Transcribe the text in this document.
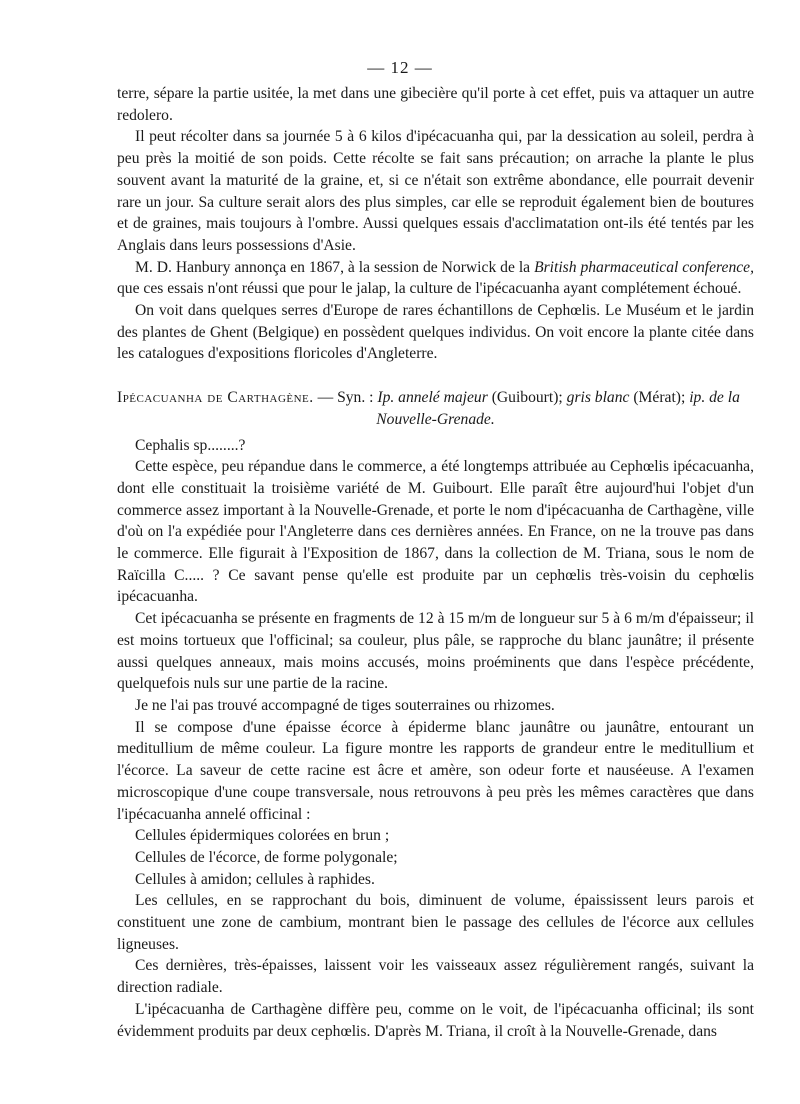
— 12 —

terre, sépare la partie usitée, la met dans une gibecière qu'il porte à cet effet, puis va attaquer un autre redolero.

Il peut récolter dans sa journée 5 à 6 kilos d'ipécacuanha qui, par la dessication au soleil, perdra à peu près la moitié de son poids. Cette récolte se fait sans précaution; on arrache la plante le plus souvent avant la maturité de la graine, et, si ce n'était son extrême abondance, elle pourrait devenir rare un jour. Sa culture serait alors des plus simples, car elle se reproduit également bien de boutures et de graines, mais toujours à l'ombre. Aussi quelques essais d'acclimatation ont-ils été tentés par les Anglais dans leurs possessions d'Asie.

M. D. Hanbury annonça en 1867, à la session de Norwick de la British pharmaceutical conference, que ces essais n'ont réussi que pour le jalap, la culture de l'ipécacuanha ayant complétement échoué.

On voit dans quelques serres d'Europe de rares échantillons de Cephœlis. Le Muséum et le jardin des plantes de Ghent (Belgique) en possèdent quelques individus. On voit encore la plante citée dans les catalogues d'expositions floricoles d'Angleterre.

Ipécacuanha de Carthagène. — Syn. : Ip. annelé majeur (Guibourt); gris blanc (Mérat); ip. de la
Nouvelle-Grenade.

Cephalis sp........?

Cette espèce, peu répandue dans le commerce, a été longtemps attribuée au Cephœlis ipécacuanha, dont elle constituait la troisième variété de M. Guibourt. Elle paraît être aujourd'hui l'objet d'un commerce assez important à la Nouvelle-Grenade, et porte le nom d'ipécacuanha de Carthagène, ville d'où on l'a expédiée pour l'Angleterre dans ces dernières années. En France, on ne la trouve pas dans le commerce. Elle figurait à l'Exposition de 1867, dans la collection de M. Triana, sous le nom de Raïcilla C..... ? Ce savant pense qu'elle est produite par un cephœlis très-voisin du cephœlis ipécacuanha.

Cet ipécacuanha se présente en fragments de 12 à 15 m/m de longueur sur 5 à 6 m/m d'épaisseur; il est moins tortueux que l'officinal; sa couleur, plus pâle, se rapproche du blanc jaunâtre; il présente aussi quelques anneaux, mais moins accusés, moins proéminents que dans l'espèce précédente, quelquefois nuls sur une partie de la racine.

Je ne l'ai pas trouvé accompagné de tiges souterraines ou rhizomes.

Il se compose d'une épaisse écorce à épiderme blanc jaunâtre ou jaunâtre, entourant un meditullium de même couleur. La figure montre les rapports de grandeur entre le meditullium et l'écorce. La saveur de cette racine est âcre et amère, son odeur forte et nauséeuse. A l'examen microscopique d'une coupe transversale, nous retrouvons à peu près les mêmes caractères que dans l'ipécacuanha annelé officinal :

Cellules épidermiques colorées en brun ;

Cellules de l'écorce, de forme polygonale;

Cellules à amidon; cellules à raphides.

Les cellules, en se rapprochant du bois, diminuent de volume, épaississent leurs parois et constituent une zone de cambium, montrant bien le passage des cellules de l'écorce aux cellules ligneuses.

Ces dernières, très-épaisses, laissent voir les vaisseaux assez régulièrement rangés, suivant la direction radiale.

L'ipécacuanha de Carthagène diffère peu, comme on le voit, de l'ipécacuanha officinal; ils sont évidemment produits par deux cephœlis. D'après M. Triana, il croît à la Nouvelle-Grenade, dans
